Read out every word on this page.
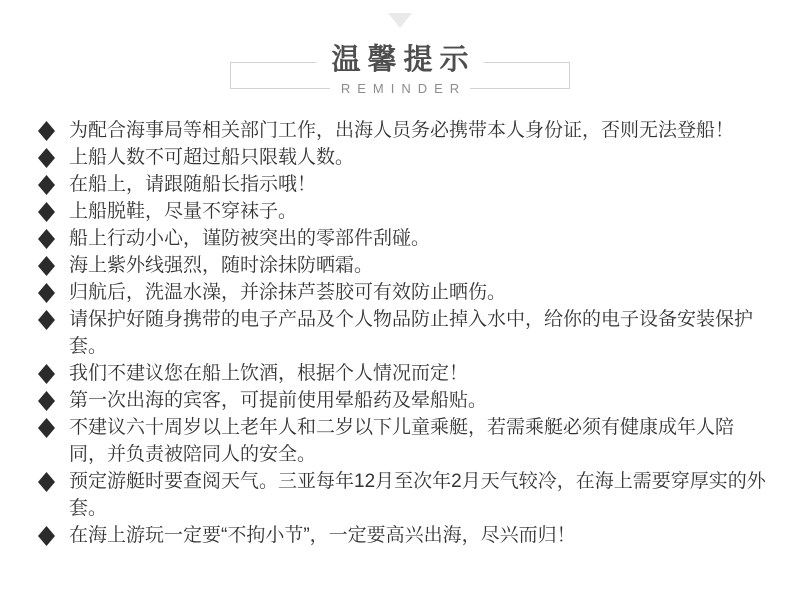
温馨提示
REMINDER
为配合海事局等相关部门工作，出海人员务必携带本人身份证，否则无法登船！
上船人数不可超过船只限载人数。
在船上，请跟随船长指示哦！
上船脱鞋，尽量不穿袜子。
船上行动小心，谨防被突出的零部件刮碰。
海上紫外线强烈，随时涂抹防晒霜。
归航后，洗温水澡，并涂抹芦荟胶可有效防止晒伤。
请保护好随身携带的电子产品及个人物品防止掉入水中，给你的电子设备安装保护套。
我们不建议您在船上饮酒，根据个人情况而定！
第一次出海的宾客，可提前使用晕船药及晕船贴。
不建议六十周岁以上老年人和二岁以下儿童乘艇，若需乘艇必须有健康成年人陪同，并负责被陪同人的安全。
预定游艇时要查阅天气。三亚每年12月至次年2月天气较冷，在海上需要穿厚实的外套。
在海上游玩一定要“不拘小节”，一定要高兴出海，尽兴而归！
